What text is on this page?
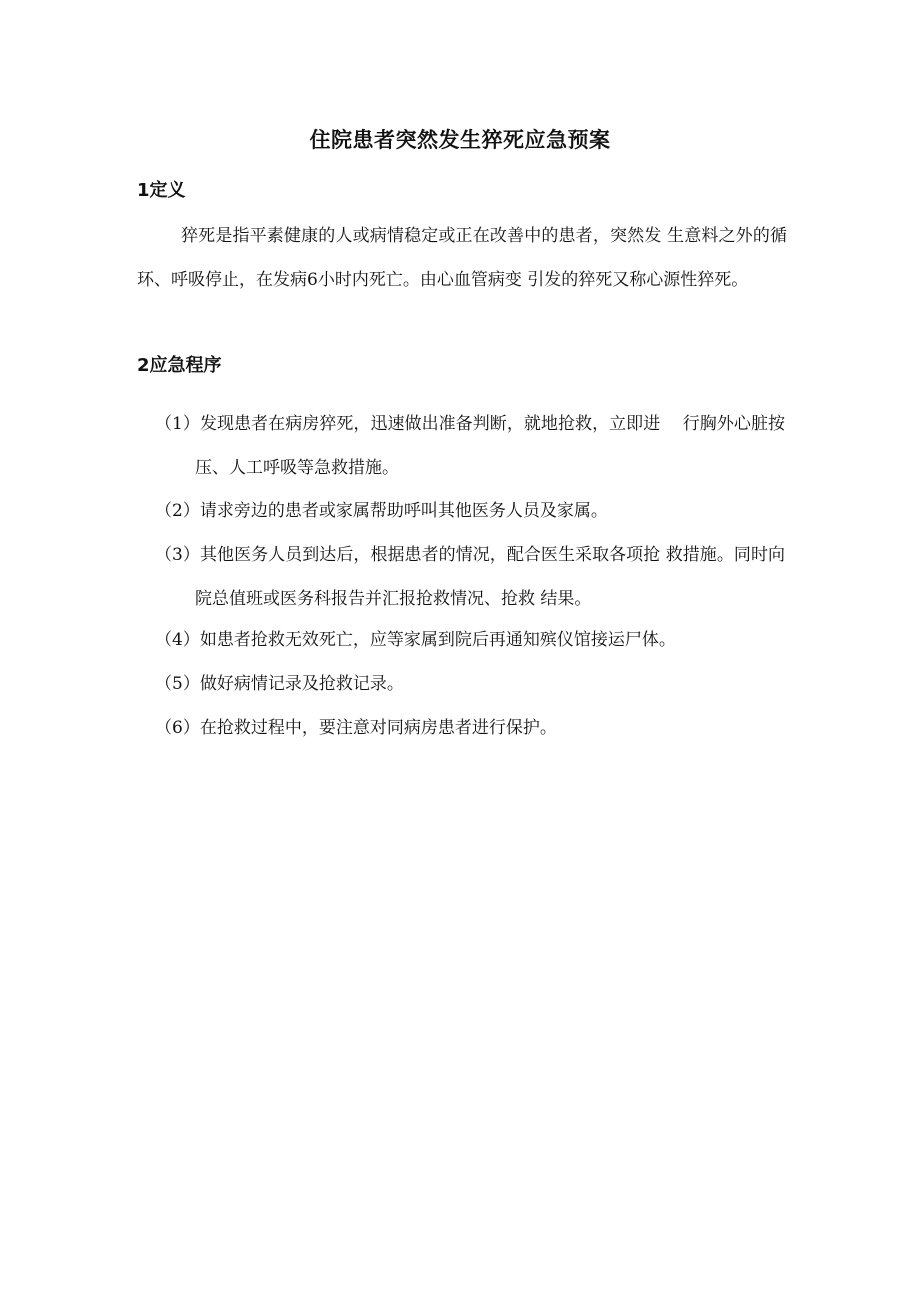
住院患者突然发生猝死应急预案
1定义

猝死是指平素健康的人或病情稳定或正在改善中的患者，突然发 生意料之外的循环、呼吸停止，在发病6小时内死亡。由心血管病变 引发的猝死又称心源性猝死。

2应急程序

（1）发现患者在病房猝死，迅速做出准备判断，就地抢救，立即进　 行胸外心脏按压、人工呼吸等急救措施。

（2）请求旁边的患者或家属帮助呼叫其他医务人员及家属。

（3）其他医务人员到达后，根据患者的情况，配合医生采取各项抢 救措施。同时向院总值班或医务科报告并汇报抢救情况、抢救 结果。

（4）如患者抢救无效死亡，应等家属到院后再通知殡仪馆接运尸体。

（5）做好病情记录及抢救记录。

（6）在抢救过程中，要注意对同病房患者进行保护。
